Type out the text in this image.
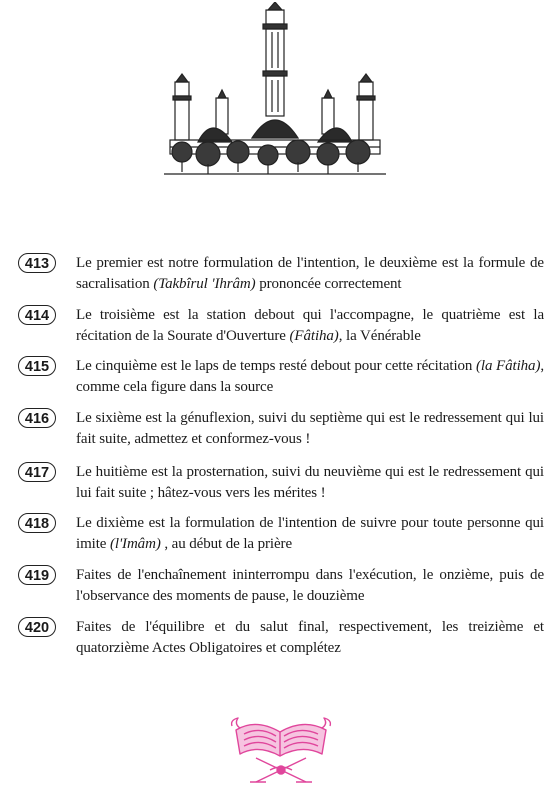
413	Le premier est notre formulation de l'intention, le deuxième est la formule de sacralisation (Takbîrul 'Ihrâm) prononcée correctement
414	Le troisième est la station debout qui l'accompagne, le quatrième est la récitation de la Sourate d'Ouverture (Fâtiha), la Vénérable
415	Le cinquième est le laps de temps resté debout pour cette récitation (la Fâtiha), comme cela figure dans la source
416	Le sixième est la génuflexion, suivi du septième qui est le redressement qui lui fait suite, admettez et conformez-vous !
417	Le huitième est la prosternation, suivi du neuvième qui est le redressement qui lui fait suite ; hâtez-vous vers les mérites !
418	Le dixième est la formulation de l'intention de suivre pour toute personne qui imite (l'Imâm) , au début de la prière
419	Faites de l'enchaînement ininterrompu dans l'exécution, le onzième, puis de l'observance des moments de pause, le douzième
420	Faites de l'équilibre et du salut final, respectivement, les treizième et quatorzième Actes Obligatoires et complétez
